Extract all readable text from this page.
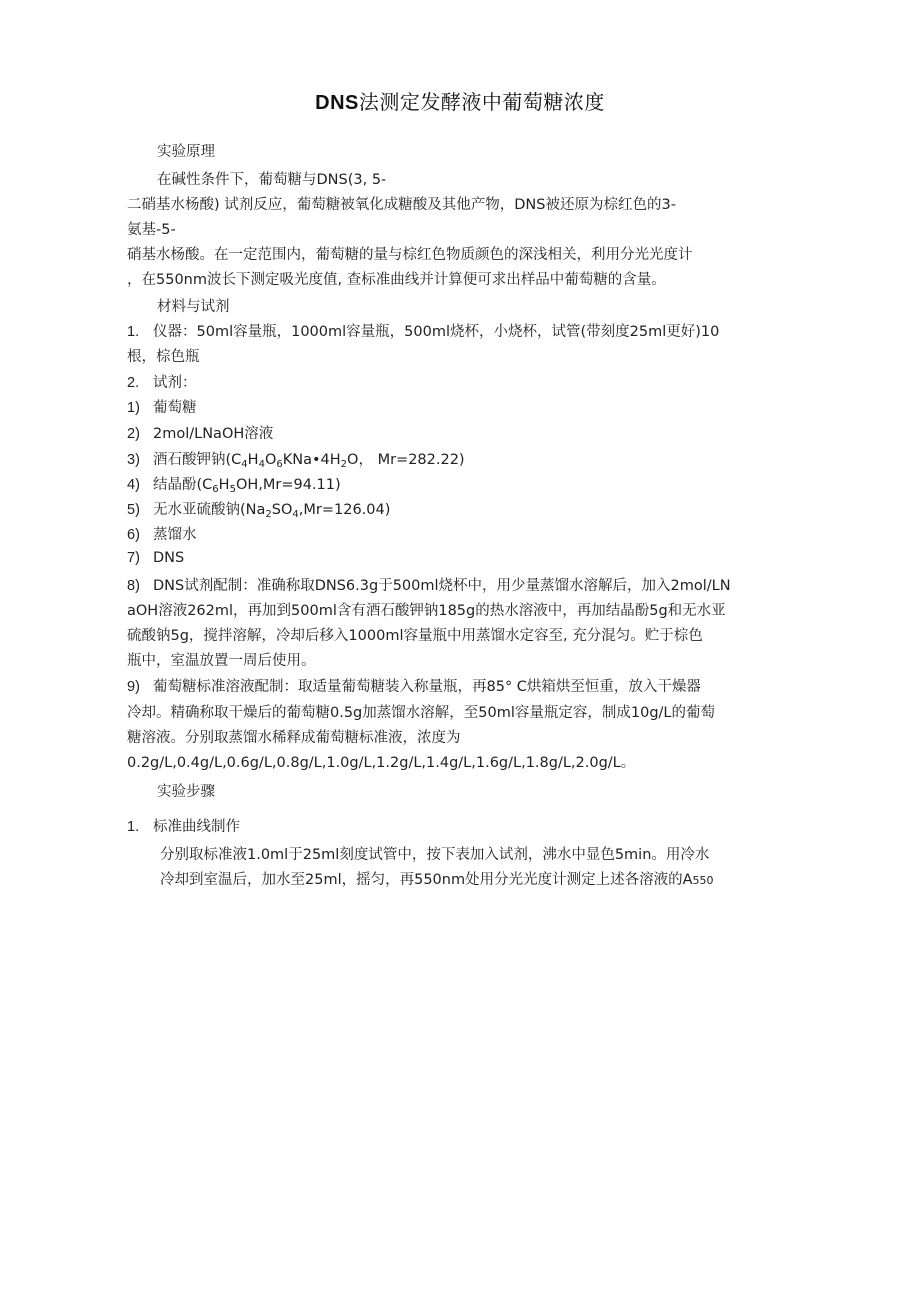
DNS法测定发酵液中葡萄糖浓度
实验原理
在碱性条件下，葡萄糖与DNS(3, 5-
二硝基水杨酸) 试剂反应，葡萄糖被氧化成糖酸及其他产物，DNS被还原为棕红色的3-
氨基-5-
硝基水杨酸。在一定范围内，葡萄糖的量与棕红色物质颜色的深浅相关，利用分光光度计
，在550nm波长下测定吸光度值, 查标准曲线并计算便可求出样品中葡萄糖的含量。
材料与试剂
1. 仪器：50ml容量瓶，1000ml容量瓶，500ml烧杯，小烧杯，试管(带刻度25ml更好)10
根，棕色瓶
2. 试剂：
1) 葡萄糖
2) 2mol/LNaOH溶液
3) 酒石酸钾钠($C_4H_4O_6KNa•4H_2O$， Mr=282.22)
4) 结晶酚$(C_6H_5OH,Mr=94.11)$
5) 无水亚硫酸钠$(Na_2SO_4,Mr=126.04)$
6) 蒸馏水
7) DNS
8) DNS试剂配制：准确称取DNS6.3g于500ml烧杯中，用少量蒸馏水溶解后，加入2mol/LN
aOH溶液262ml，再加到500ml含有酒石酸钾钠185g的热水溶液中，再加结晶酚5g和无水亚
硫酸钠5g，搅拌溶解，冷却后移入1000ml容量瓶中用蒸馏水定容至, 充分混匀。贮于棕色
瓶中，室温放置一周后使用。
9) 葡萄糖标准溶液配制：取适量葡萄糖装入称量瓶，再85° C烘箱烘至恒重，放入干燥器
冷却。精确称取干燥后的葡萄糖0.5g加蒸馏水溶解，至50ml容量瓶定容，制成10g/L的葡萄
糖溶液。分别取蒸馏水稀释成葡萄糖标准液，浓度为
0.2g/L,0.4g/L,0.6g/L,0.8g/L,1.0g/L,1.2g/L,1.4g/L,1.6g/L,1.8g/L,2.0g/L。
实验步骤
1. 标准曲线制作
分别取标准液1.0ml于25ml刻度试管中，按下表加入试剂，沸水中显色5min。用冷水
冷却到室温后，加水至25ml，摇匀，再550nm处用分光光度计测定上述各溶液的A550
